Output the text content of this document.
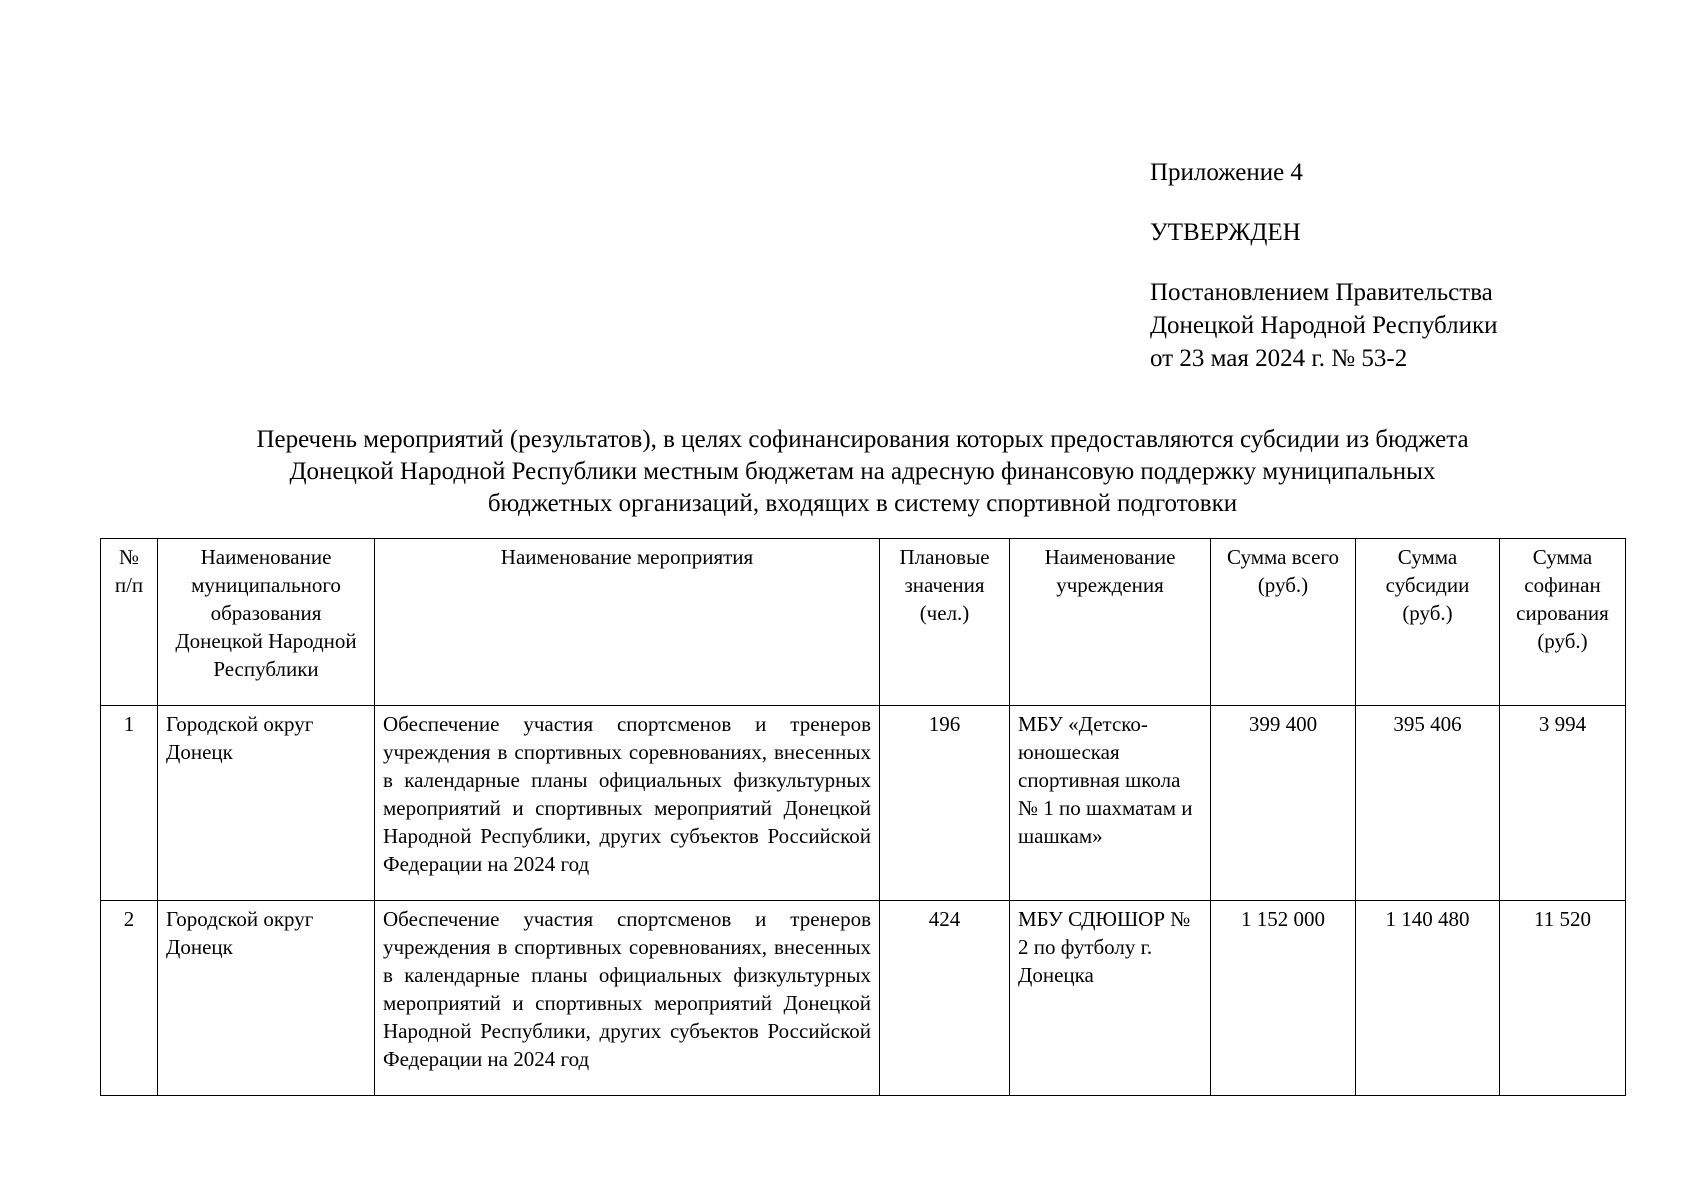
Приложение 4
УТВЕРЖДЕН
Постановлением Правительства
Донецкой Народной Республики
от 23 мая 2024 г. № 53-2
Перечень мероприятий (результатов), в целях софинансирования которых предоставляются субсидии из бюджета
Донецкой Народной Республики местным бюджетам на адресную финансовую поддержку муниципальных
бюджетных организаций, входящих в систему спортивной подготовки
№ п/п	Наименование муниципального образования Донецкой Народной Республики	Наименование мероприятия	Плановые значения (чел.)	Наименование учреждения	Сумма всего (руб.)	Сумма субсидии (руб.)	Сумма софинан сирования (руб.)
1	Городской округ Донецк	Обеспечение участия спортсменов и тренеров учреждения в спортивных соревнованиях, внесенных в календарные планы официальных физкультурных мероприятий и спортивных мероприятий Донецкой Народной Республики, других субъектов Российской Федерации на 2024 год	196	МБУ «Детско-юношеская спортивная школа № 1 по шахматам и шашкам»	399 400	395 406	3 994
2	Городской округ Донецк	Обеспечение участия спортсменов и тренеров учреждения в спортивных соревнованиях, внесенных в календарные планы официальных физкультурных мероприятий и спортивных мероприятий Донецкой Народной Республики, других субъектов Российской Федерации на 2024 год	424	МБУ СДЮШОР № 2 по футболу г. Донецка	1 152 000	1 140 480	11 520
